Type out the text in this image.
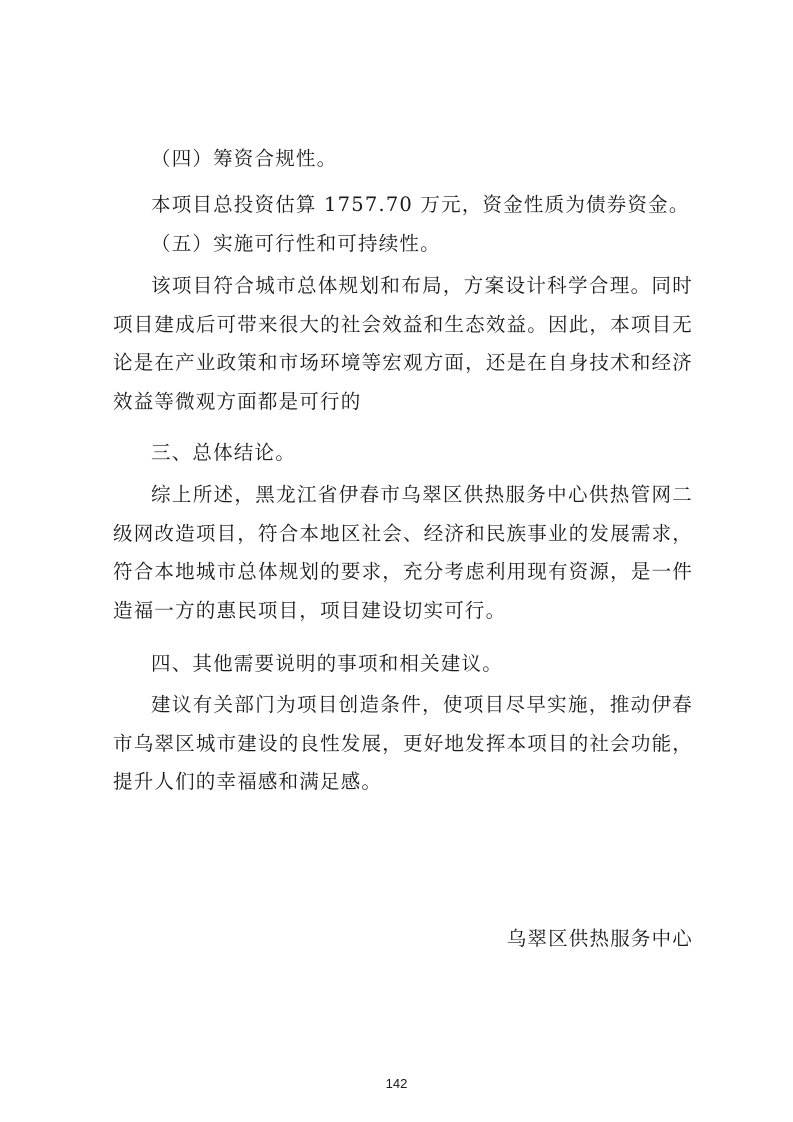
（四）筹资合规性。

本项目总投资估算 1757.70 万元，资金性质为债券资金。

（五）实施可行性和可持续性。

该项目符合城市总体规划和布局，方案设计科学合理。同时项目建成后可带来很大的社会效益和生态效益。因此，本项目无论是在产业政策和市场环境等宏观方面，还是在自身技术和经济效益等微观方面都是可行的

三、总体结论。

综上所述，黑龙江省伊春市乌翠区供热服务中心供热管网二级网改造项目，符合本地区社会、经济和民族事业的发展需求，符合本地城市总体规划的要求，充分考虑利用现有资源，是一件造福一方的惠民项目，项目建设切实可行。

四、其他需要说明的事项和相关建议。

建议有关部门为项目创造条件，使项目尽早实施，推动伊春市乌翠区城市建设的良性发展，更好地发挥本项目的社会功能，提升人们的幸福感和满足感。

乌翠区供热服务中心
142
